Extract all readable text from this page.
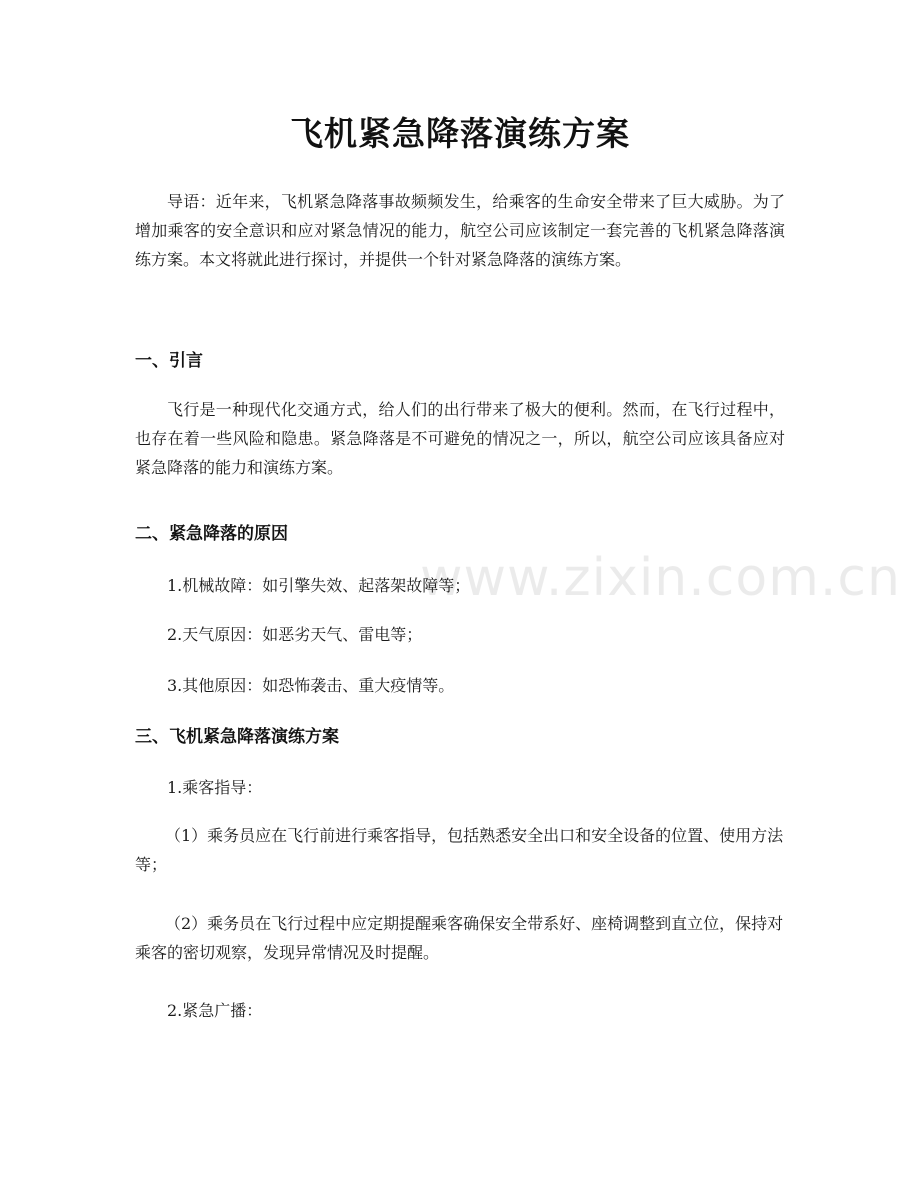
www.zixin.com.cn
飞机紧急降落演练方案

导语：近年来，飞机紧急降落事故频频发生，给乘客的生命安全带来了巨大威胁。为了增加乘客的安全意识和应对紧急情况的能力，航空公司应该制定一套完善的飞机紧急降落演练方案。本文将就此进行探讨，并提供一个针对紧急降落的演练方案。

一、引言

飞行是一种现代化交通方式，给人们的出行带来了极大的便利。然而，在飞行过程中，也存在着一些风险和隐患。紧急降落是不可避免的情况之一，所以，航空公司应该具备应对紧急降落的能力和演练方案。

二、紧急降落的原因

1.机械故障：如引擎失效、起落架故障等；

2.天气原因：如恶劣天气、雷电等；

3.其他原因：如恐怖袭击、重大疫情等。

三、飞机紧急降落演练方案

1.乘客指导：

（1）乘务员应在飞行前进行乘客指导，包括熟悉安全出口和安全设备的位置、使用方法等；

（2）乘务员在飞行过程中应定期提醒乘客确保安全带系好、座椅调整到直立位，保持对乘客的密切观察，发现异常情况及时提醒。

2.紧急广播：
